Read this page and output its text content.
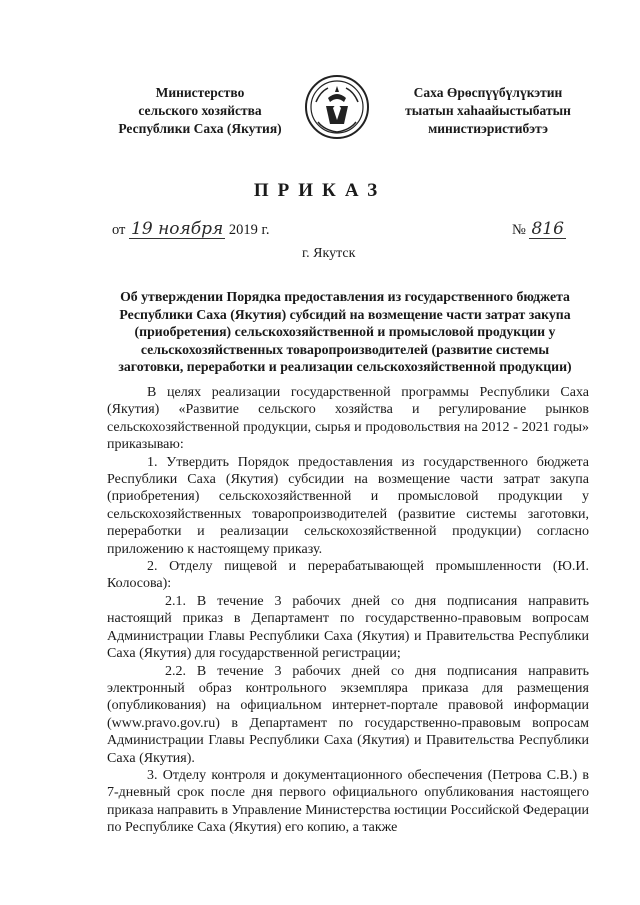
Министерство
сельского хозяйства
Республики Саха (Якутия)
Саха Өрөспүүбүлүкэтин
тыатын хаһаайыстыбатын
министиэристибэтэ
ПРИКАЗ
от 19 ноября 2019 г.	№ 816
г. Якутск
Об утверждении Порядка предоставления из государственного бюджета
Республики Саха (Якутия) субсидий на возмещение части затрат закупа
(приобретения) сельскохозяйственной и промысловой продукции у
сельскохозяйственных товаропроизводителей (развитие системы
заготовки, переработки и реализации сельскохозяйственной продукции)

В целях реализации государственной программы Республики Саха (Якутия) «Развитие сельского хозяйства и регулирование рынков сельскохозяйственной продукции, сырья и продовольствия на 2012 - 2021 годы» приказываю:

1. Утвердить Порядок предоставления из государственного бюджета Республики Саха (Якутия) субсидии на возмещение части затрат закупа (приобретения) сельскохозяйственной и промысловой продукции у сельскохозяйственных товаропроизводителей (развитие системы заготовки, переработки и реализации сельскохозяйственной продукции) согласно приложению к настоящему приказу.

2. Отделу пищевой и перерабатывающей промышленности (Ю.И. Колосова):

2.1. В течение 3 рабочих дней со дня подписания направить настоящий приказ в Департамент по государственно-правовым вопросам Администрации Главы Республики Саха (Якутия) и Правительства Республики Саха (Якутия) для государственной регистрации;

2.2. В течение 3 рабочих дней со дня подписания направить электронный образ контрольного экземпляра приказа для размещения (опубликования) на официальном интернет-портале правовой информации (www.pravo.gov.ru) в Департамент по государственно-правовым вопросам Администрации Главы Республики Саха (Якутия) и Правительства Республики Саха (Якутия).

3. Отделу контроля и документационного обеспечения (Петрова С.В.) в 7-дневный срок после дня первого официального опубликования настоящего приказа направить в Управление Министерства юстиции Российской Федерации по Республике Саха (Якутия) его копию, а также
